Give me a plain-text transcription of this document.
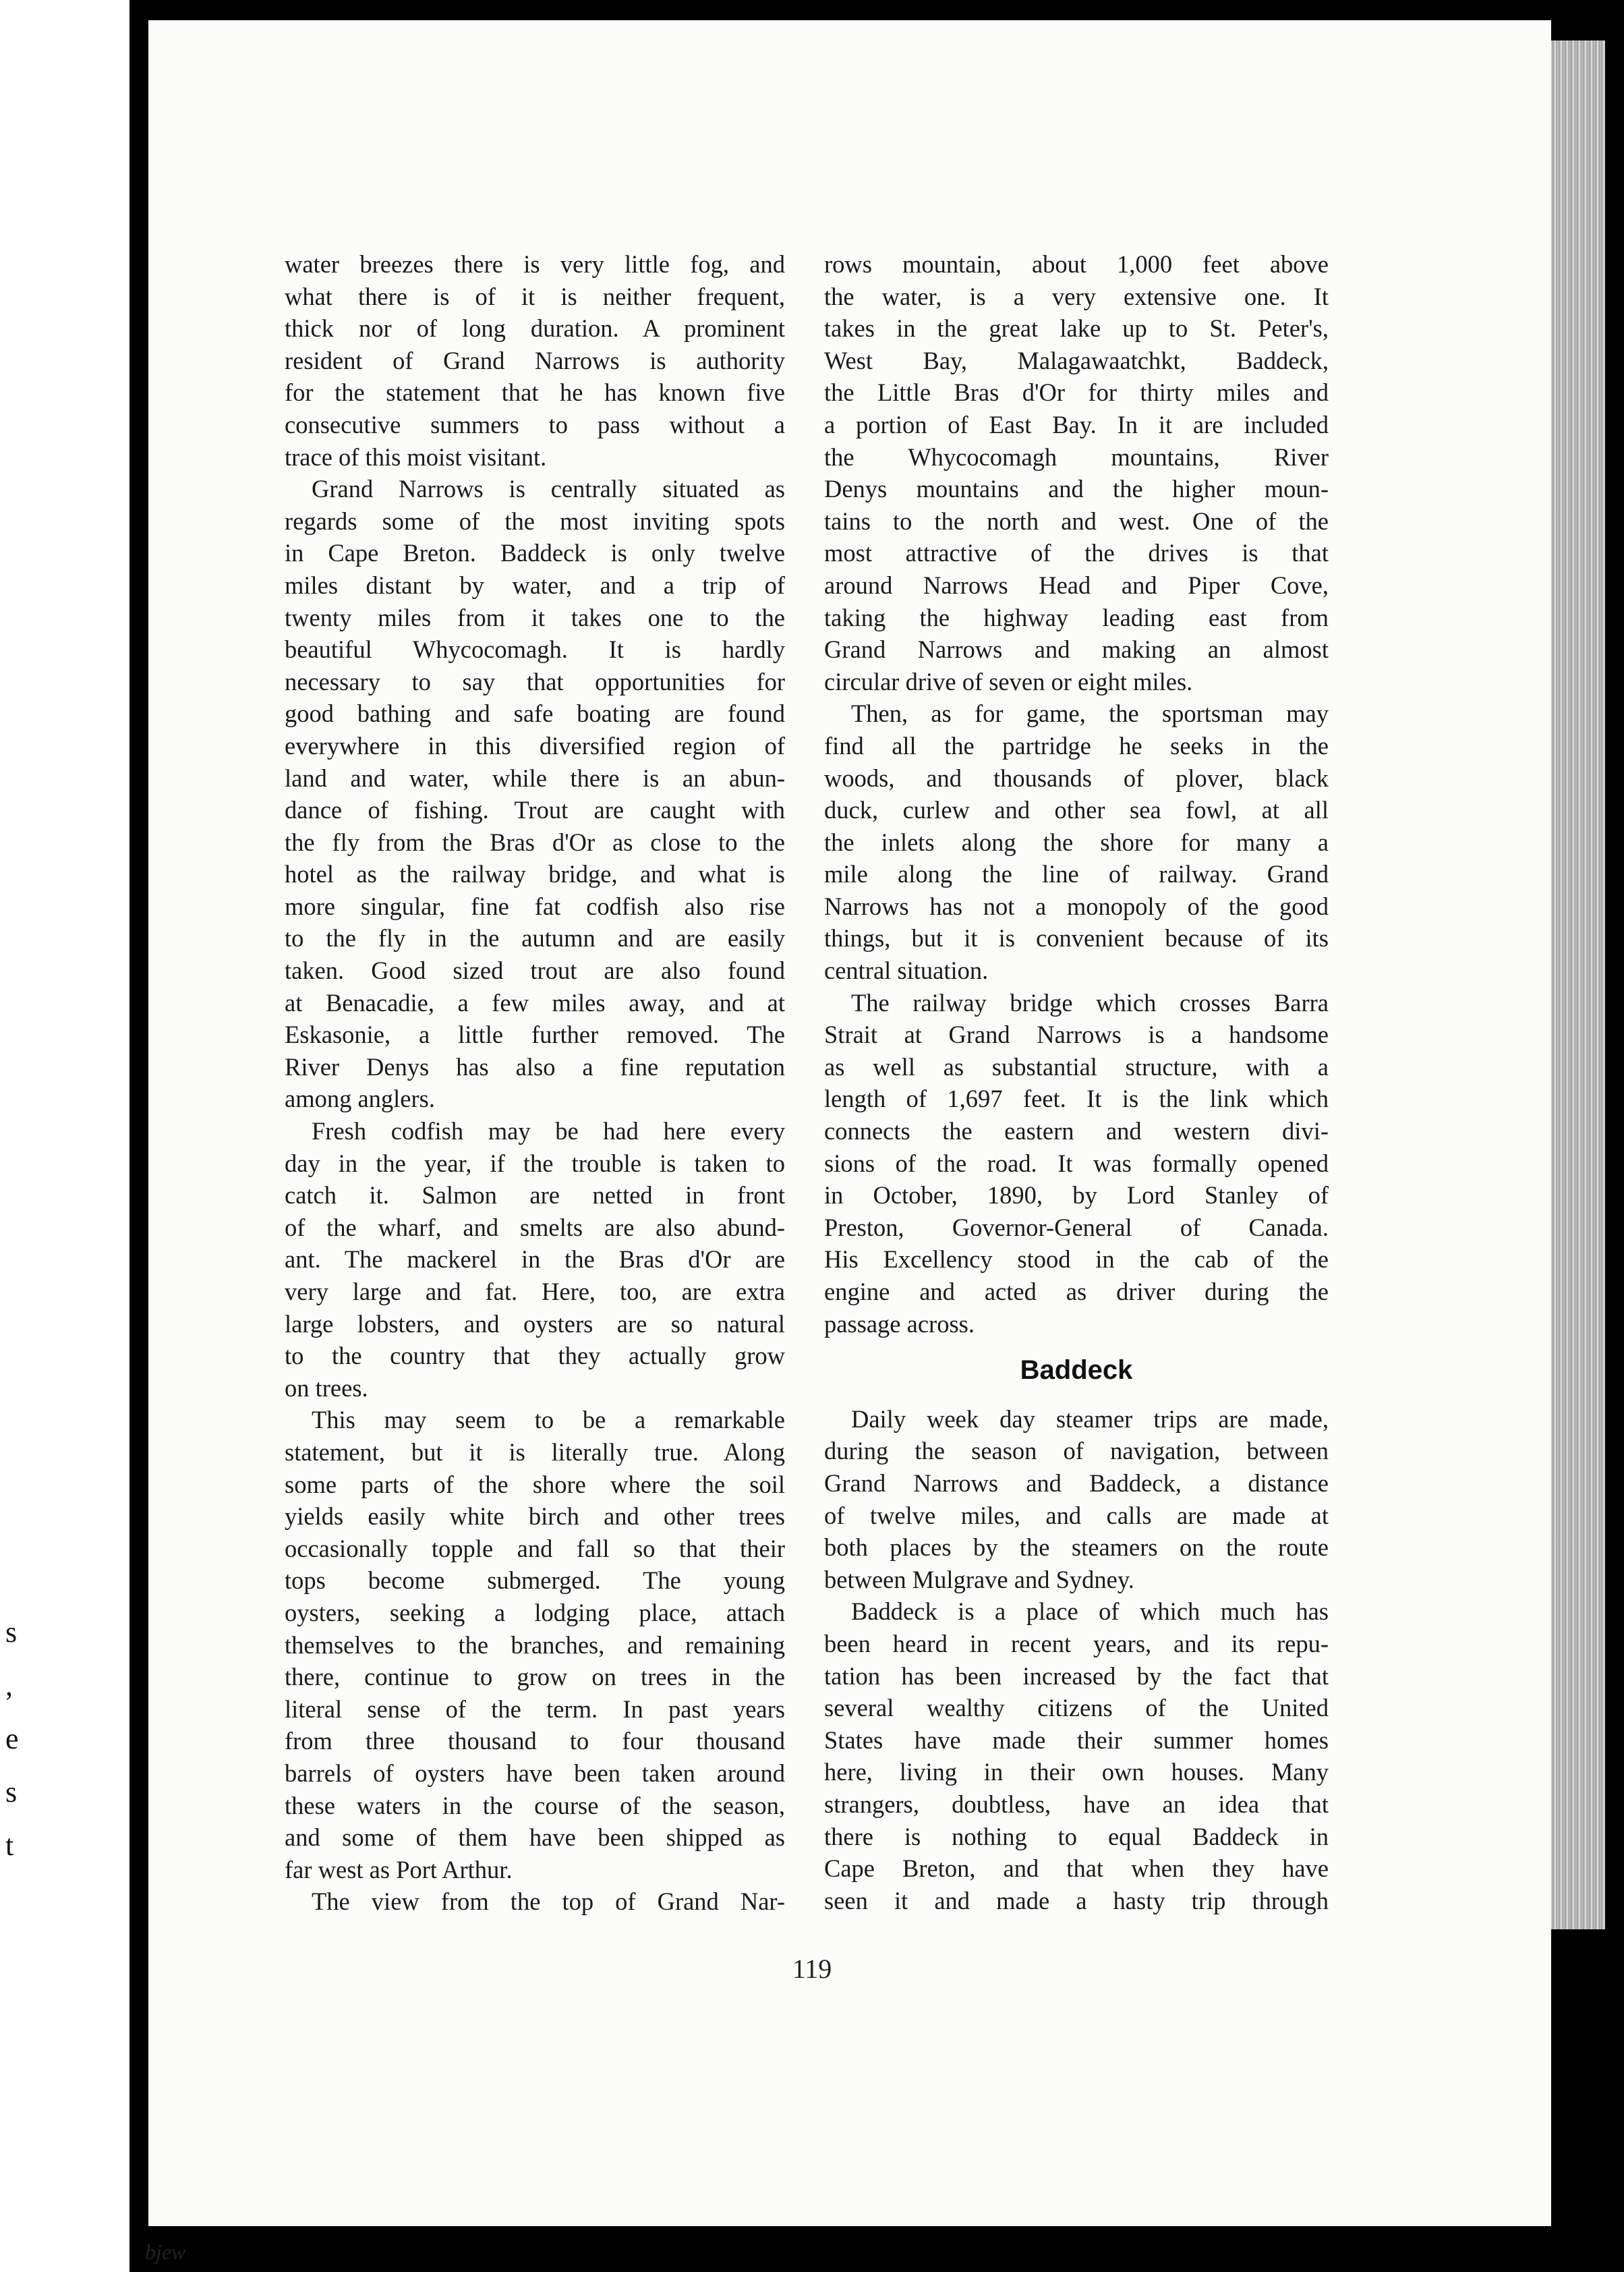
s
,
e
s
t
water breezes there is very little fog, and
what there is of it is neither frequent,
thick nor of long duration. A prominent
resident of Grand Narrows is authority
for the statement that he has known five
consecutive summers to pass without a
trace of this moist visitant.
Grand Narrows is centrally situated as
regards some of the most inviting spots
in Cape Breton. Baddeck is only twelve
miles distant by water, and a trip of
twenty miles from it takes one to the
beautiful Whycocomagh. It is hardly
necessary to say that opportunities for
good bathing and safe boating are found
everywhere in this diversified region of
land and water, while there is an abun-
dance of fishing. Trout are caught with
the fly from the Bras d'Or as close to the
hotel as the railway bridge, and what is
more singular, fine fat codfish also rise
to the fly in the autumn and are easily
taken. Good sized trout are also found
at Benacadie, a few miles away, and at
Eskasonie, a little further removed. The
River Denys has also a fine reputation
among anglers.
Fresh codfish may be had here every
day in the year, if the trouble is taken to
catch it. Salmon are netted in front
of the wharf, and smelts are also abund-
ant. The mackerel in the Bras d'Or are
very large and fat. Here, too, are extra
large lobsters, and oysters are so natural
to the country that they actually grow
on trees.
This may seem to be a remarkable
statement, but it is literally true. Along
some parts of the shore where the soil
yields easily white birch and other trees
occasionally topple and fall so that their
tops become submerged. The young
oysters, seeking a lodging place, attach
themselves to the branches, and remaining
there, continue to grow on trees in the
literal sense of the term. In past years
from three thousand to four thousand
barrels of oysters have been taken around
these waters in the course of the season,
and some of them have been shipped as
far west as Port Arthur.
The view from the top of Grand Nar-
rows mountain, about 1,000 feet above
the water, is a very extensive one. It
takes in the great lake up to St. Peter's,
West Bay, Malagawaatchkt, Baddeck,
the Little Bras d'Or for thirty miles and
a portion of East Bay. In it are included
the Whycocomagh mountains, River
Denys mountains and the higher moun-
tains to the north and west. One of the
most attractive of the drives is that
around Narrows Head and Piper Cove,
taking the highway leading east from
Grand Narrows and making an almost
circular drive of seven or eight miles.
Then, as for game, the sportsman may
find all the partridge he seeks in the
woods, and thousands of plover, black
duck, curlew and other sea fowl, at all
the inlets along the shore for many a
mile along the line of railway. Grand
Narrows has not a monopoly of the good
things, but it is convenient because of its
central situation.
The railway bridge which crosses Barra
Strait at Grand Narrows is a handsome
as well as substantial structure, with a
length of 1,697 feet. It is the link which
connects the eastern and western divi-
sions of the road. It was formally opened
in October, 1890, by Lord Stanley of
Preston, Governor-General of Canada.
His Excellency stood in the cab of the
engine and acted as driver during the
passage across.
Baddeck
Daily week day steamer trips are made,
during the season of navigation, between
Grand Narrows and Baddeck, a distance
of twelve miles, and calls are made at
both places by the steamers on the route
between Mulgrave and Sydney.
Baddeck is a place of which much has
been heard in recent years, and its repu-
tation has been increased by the fact that
several wealthy citizens of the United
States have made their summer homes
here, living in their own houses. Many
strangers, doubtless, have an idea that
there is nothing to equal Baddeck in
Cape Breton, and that when they have
seen it and made a hasty trip through
119
bjew
